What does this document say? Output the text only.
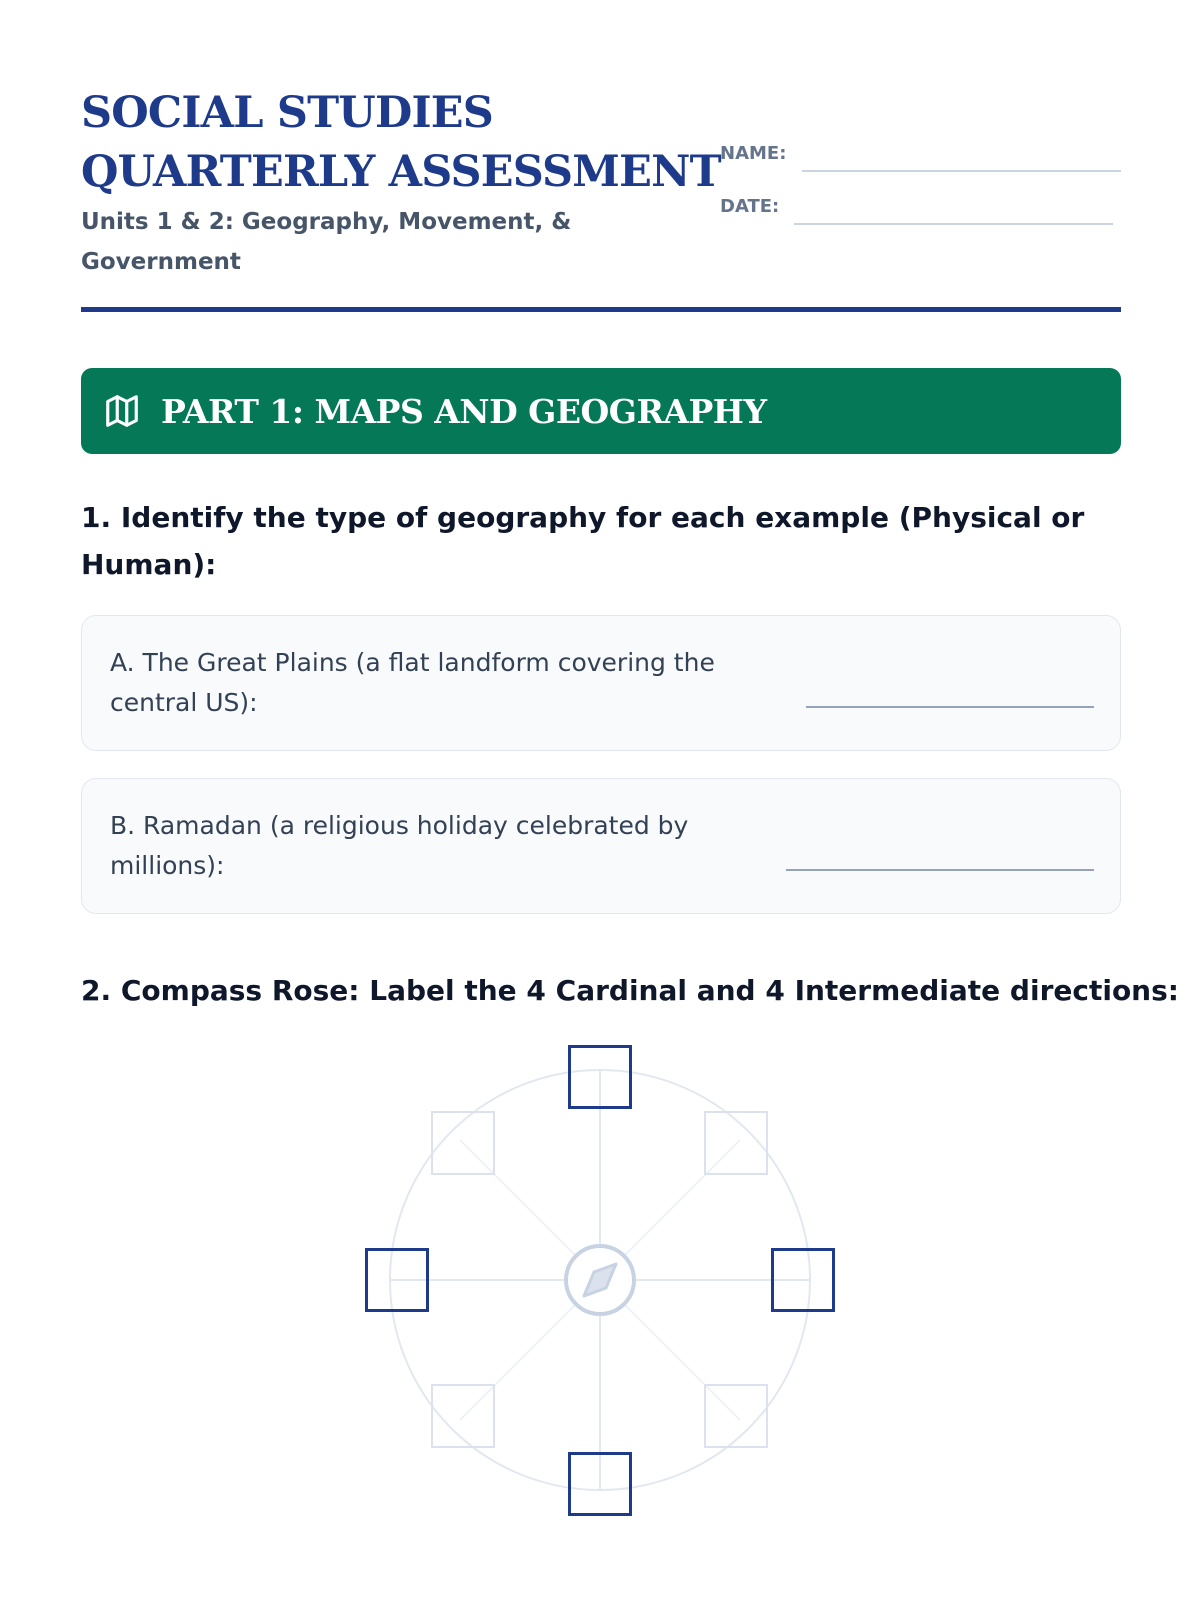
SOCIAL STUDIES
QUARTERLY ASSESSMENT
Units 1 & 2: Geography, Movement, & Government
NAME:
DATE:
PART 1: MAPS AND GEOGRAPHY

1. Identify the type of geography for each example (Physical or Human):

A. The Great Plains (a flat landform covering the central US):
B. Ramadan (a religious holiday celebrated by millions):

2. Compass Rose: Label the 4 Cardinal and 4 Intermediate directions:
